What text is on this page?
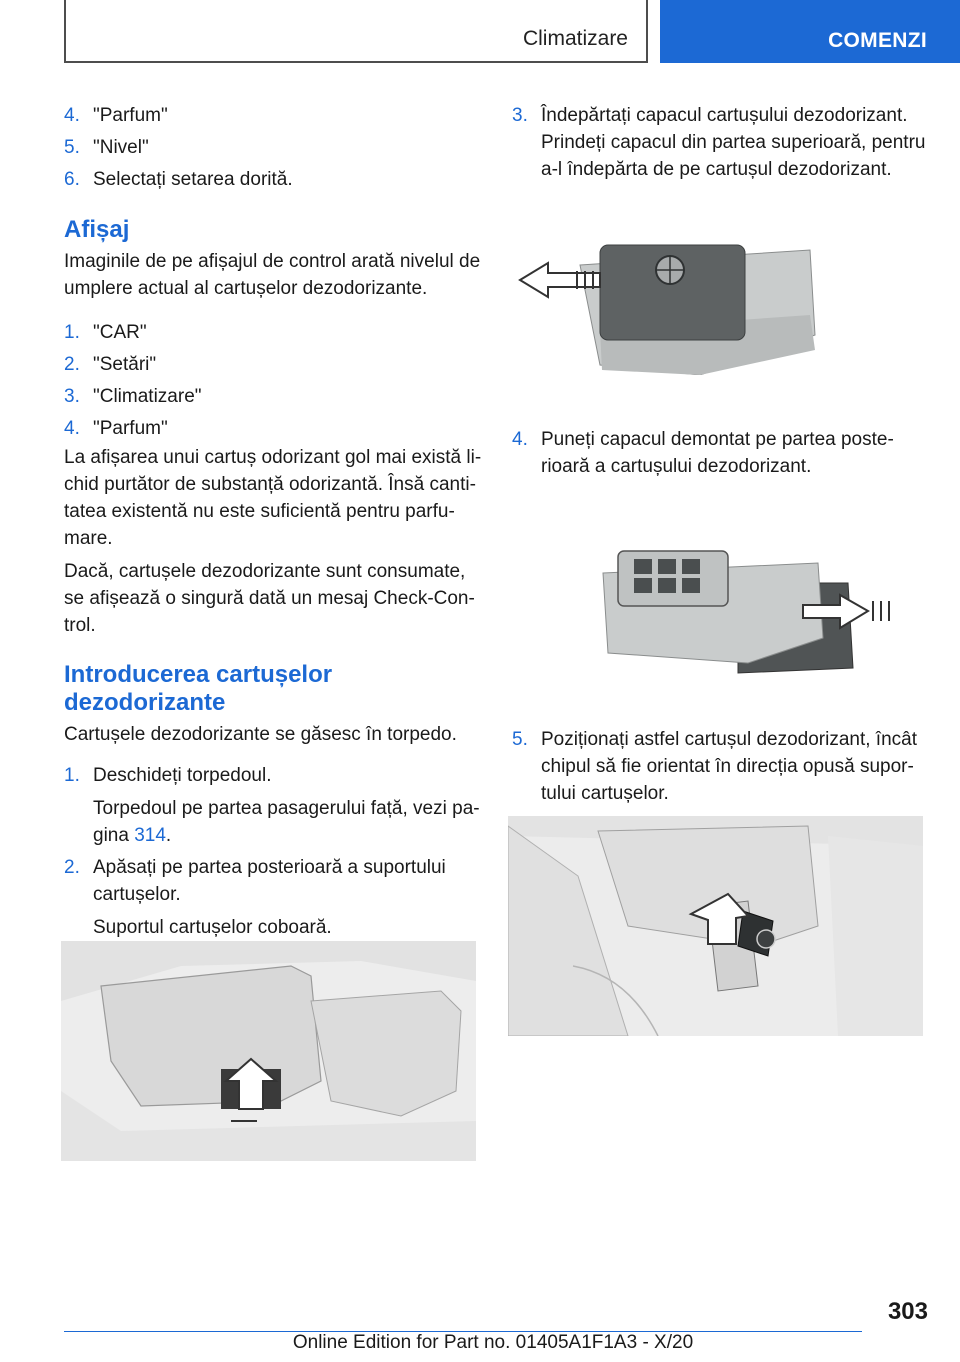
Climatizare	COMENZI
4. "Parfum"
5. "Nivel"
6. Selectați setarea dorită.
Afișaj

Imaginile de pe afișajul de control arată nivelul de
umplere actual al cartușelor dezodorizante.

1. "CAR"
2. "Setări"
3. "Climatizare"
4. "Parfum"

La afișarea unui cartuș odorizant gol mai există li-
chid purtător de substanță odorizantă. Însă canti-
tatea existentă nu este suficientă pentru parfu-
mare.

Dacă, cartușele dezodorizante sunt consumate,
se afișează o singură dată un mesaj Check-Con-
trol.

Introducerea cartușelor
dezodorizante

Cartușele dezodorizante se găsesc în torpedo.

1. Deschideți torpedoul.
Torpedoul pe partea pasagerului față, vezi pa-
gina 314.
2. Apăsați pe partea posterioară a suportului
cartușelor.
Suportul cartușelor coboară.
3. Îndepărtați capacul cartușului dezodorizant.
Prindeți capacul din partea superioară, pentru
a-l îndepărta de pe cartușul dezodorizant.
4. Puneți capacul demontat pe partea poste-
rioară a cartușului dezodorizant.
5. Poziționați astfel cartușul dezodorizant, încât
chipul să fie orientat în direcția opusă supor-
tului cartușelor.
303
Online Edition for Part no. 01405A1F1A3 - X/20
